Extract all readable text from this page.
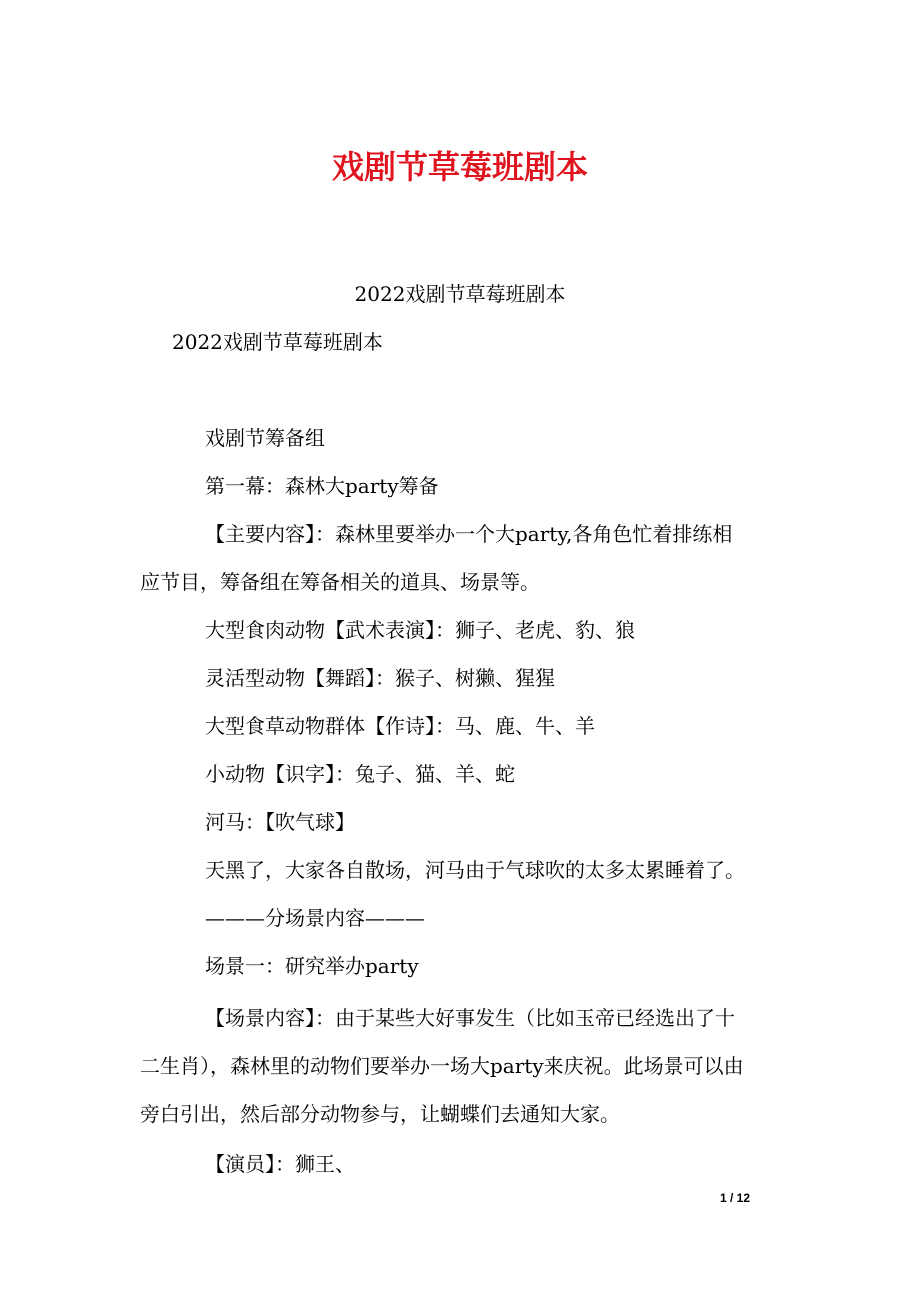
戏剧节草莓班剧本

2022戏剧节草莓班剧本

2022戏剧节草莓班剧本

戏剧节筹备组

第一幕：森林大party筹备

【主要内容】：森林里要举办一个大party,各角色忙着排练相

应节目，筹备组在筹备相关的道具、场景等。

大型食肉动物【武术表演】：狮子、老虎、豹、狼

灵活型动物【舞蹈】：猴子、树獭、猩猩

大型食草动物群体【作诗】：马、鹿、牛、羊

小动物【识字】：兔子、猫、羊、蛇

河马：【吹气球】

天黑了，大家各自散场，河马由于气球吹的太多太累睡着了。

———分场景内容———

场景一：研究举办party

【场景内容】：由于某些大好事发生（比如玉帝已经选出了十

二生肖），森林里的动物们要举办一场大party来庆祝。此场景可以由

旁白引出，然后部分动物参与，让蝴蝶们去通知大家。

【演员】：狮王、

1 / 12
